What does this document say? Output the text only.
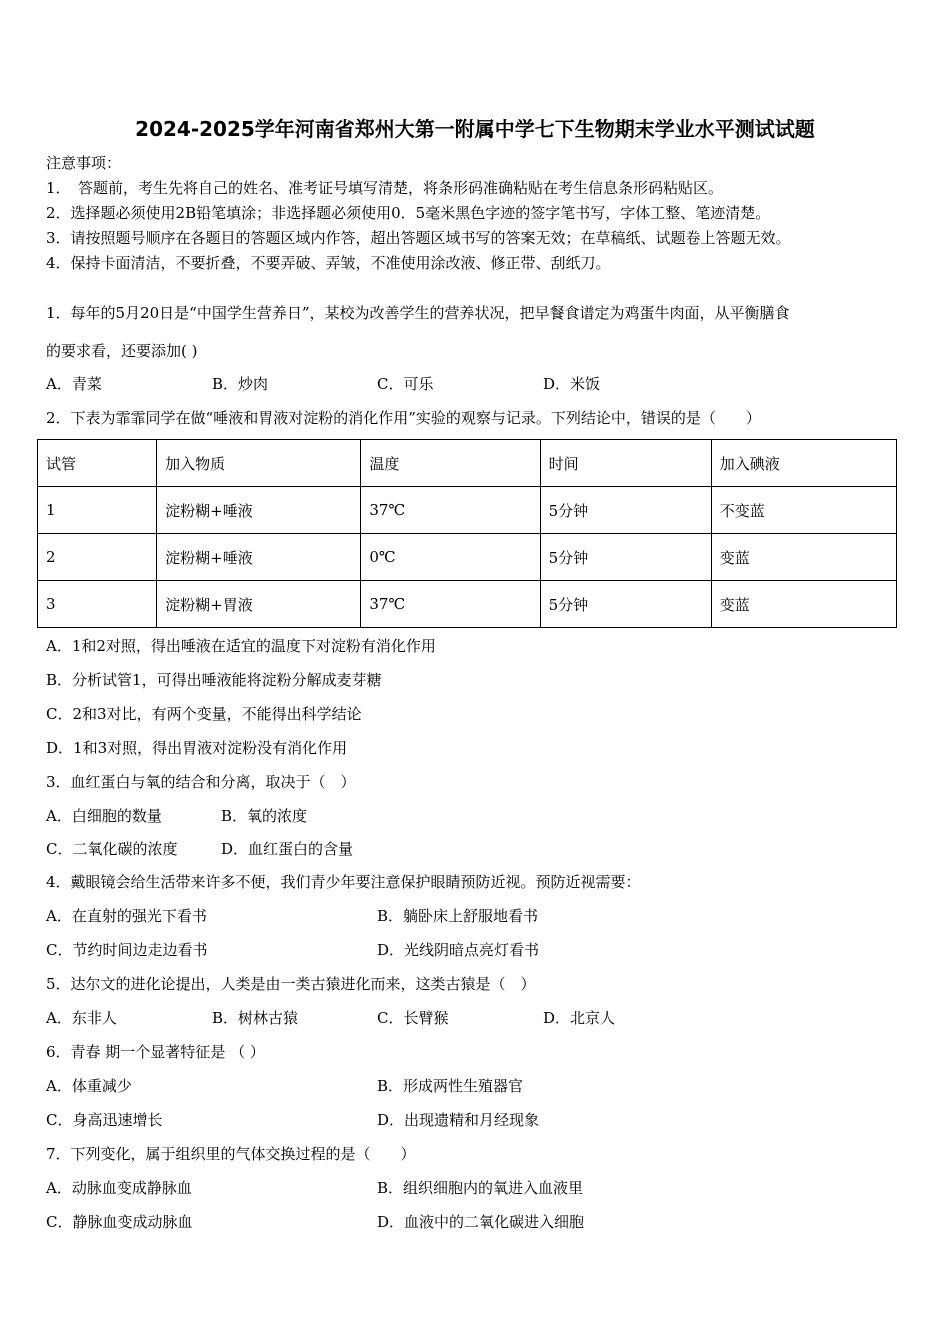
2024-2025学年河南省郑州大第一附属中学七下生物期末学业水平测试试题
注意事项：
1．　答题前，考生先将自己的姓名、准考证号填写清楚，将条形码准确粘贴在考生信息条形码粘贴区。
2．选择题必须使用2B铅笔填涂；非选择题必须使用0．5毫米黑色字迹的签字笔书写，字体工整、笔迹清楚。
3．请按照题号顺序在各题目的答题区域内作答，超出答题区域书写的答案无效；在草稿纸、试题卷上答题无效。
4．保持卡面清洁，不要折叠，不要弄破、弄皱，不准使用涂改液、修正带、刮纸刀。
1．每年的5月20日是“中国学生营养日”，某校为改善学生的营养状况，把早餐食谱定为鸡蛋牛肉面，从平衡膳食
的要求看，还要添加( )
A．青菜	B．炒肉	C．可乐	D．米饭
2．下表为霏霏同学在做“唾液和胃液对淀粉的消化作用”实验的观察与记录。下列结论中，错误的是（　　）
试管	加入物质	温度	时间	加入碘液
1	淀粉糊+唾液	37℃	5分钟	不变蓝
2	淀粉糊+唾液	0℃	5分钟	变蓝
3	淀粉糊+胃液	37℃	5分钟	变蓝
A．1和2对照，得出唾液在适宜的温度下对淀粉有消化作用
B．分析试管1，可得出唾液能将淀粉分解成麦芽糖
C．2和3对比，有两个变量，不能得出科学结论
D．1和3对照，得出胃液对淀粉没有消化作用
3．血红蛋白与氧的结合和分离，取决于（　）
A．白细胞的数量	B．氧的浓度
C．二氧化碳的浓度	D．血红蛋白的含量
4．戴眼镜会给生活带来许多不便，我们青少年要注意保护眼睛预防近视。预防近视需要：
A．在直射的强光下看书	B．躺卧床上舒服地看书
C．节约时间边走边看书	D．光线阴暗点亮灯看书
5．达尔文的进化论提出，人类是由一类古猿进化而来，这类古猿是（　）
A．东非人	B．树林古猿	C．长臂猴	D．北京人
6．青春 期一个显著特征是 （ ）
A．体重减少	B．形成两性生殖器官
C．身高迅速增长	D．出现遗精和月经现象
7．下列变化，属于组织里的气体交换过程的是（　　）
A．动脉血变成静脉血	B．组织细胞内的氧进入血液里
C．静脉血变成动脉血	D．血液中的二氧化碳进入细胞
